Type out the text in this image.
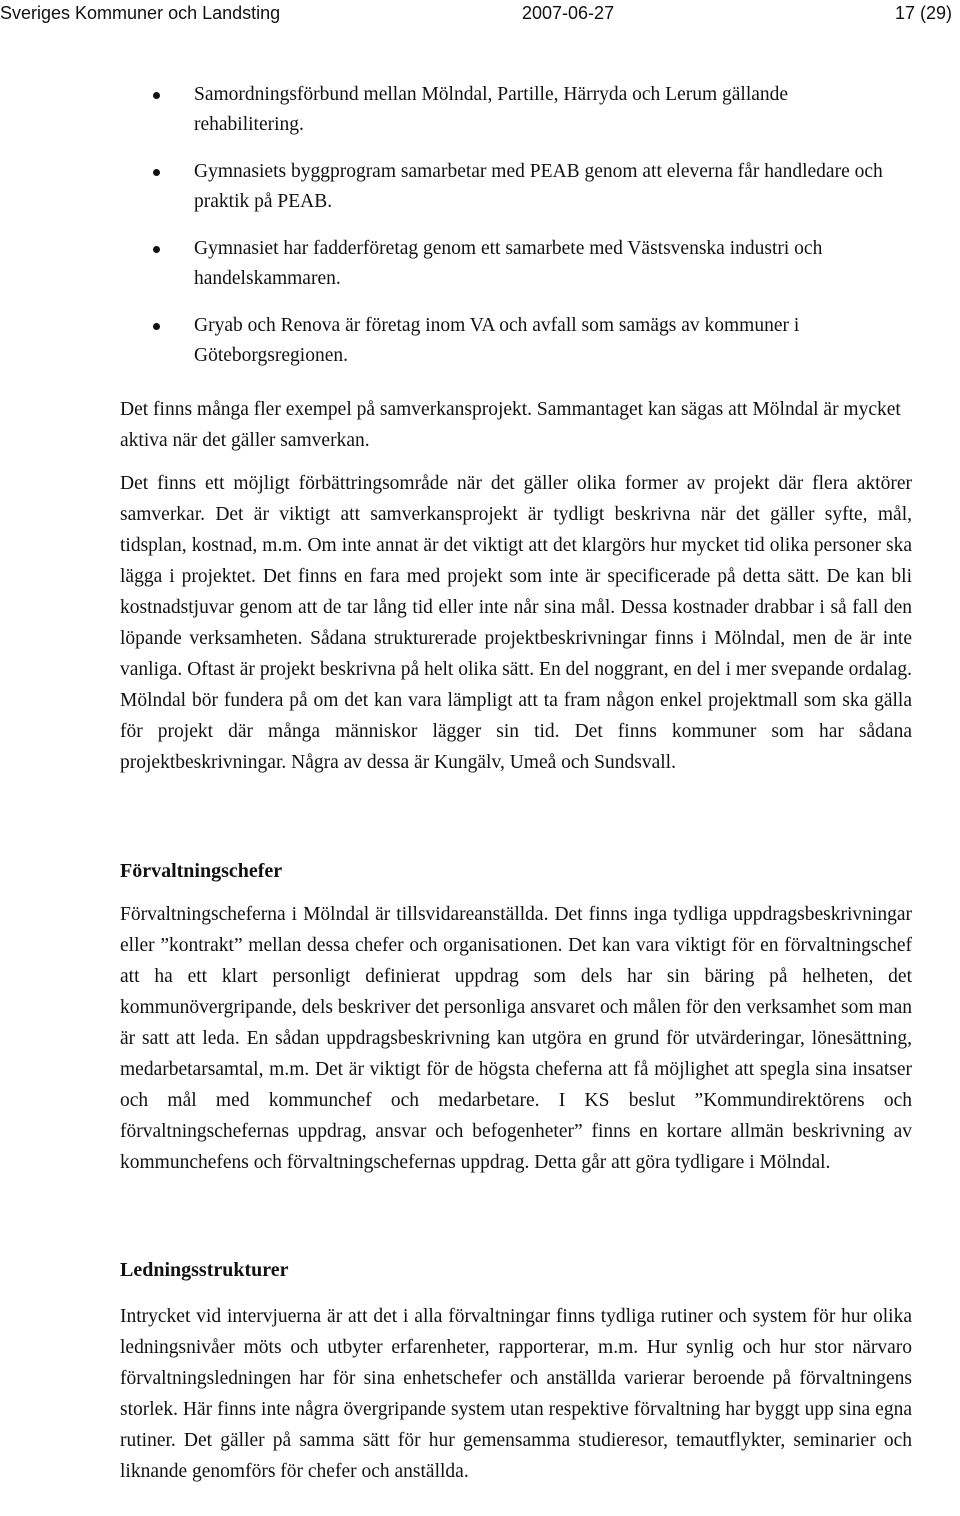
Sveriges Kommuner och Landsting	2007-06-27	17 (29)
Samordningsförbund mellan Mölndal, Partille, Härryda och Lerum gällande rehabilitering.
Gymnasiets byggprogram samarbetar med PEAB genom att eleverna får handledare och praktik på PEAB.
Gymnasiet har fadderföretag genom ett samarbete med Västsvenska industri och handelskammaren.
Gryab och Renova är företag inom VA och avfall som samägs av kommuner i Göteborgsregionen.

Det finns många fler exempel på samverkansprojekt. Sammantaget kan sägas att Mölndal är mycket aktiva när det gäller samverkan.

Det finns ett möjligt förbättringsområde när det gäller olika former av projekt där flera aktörer samverkar. Det är viktigt att samverkansprojekt är tydligt beskrivna när det gäller syfte, mål, tidsplan, kostnad, m.m. Om inte annat är det viktigt att det klargörs hur mycket tid olika personer ska lägga i projektet. Det finns en fara med projekt som inte är specificerade på detta sätt. De kan bli kostnadstjuvar genom att de tar lång tid eller inte når sina mål. Dessa kostnader drabbar i så fall den löpande verksamheten. Sådana strukturerade projektbeskrivningar finns i Mölndal, men de är inte vanliga. Oftast är projekt beskrivna på helt olika sätt. En del noggrant, en del i mer svepande ordalag. Mölndal bör fundera på om det kan vara lämpligt att ta fram någon enkel projektmall som ska gälla för projekt där många människor lägger sin tid. Det finns kommuner som har sådana projektbeskrivningar. Några av dessa är Kungälv, Umeå och Sundsvall.

Förvaltningschefer

Förvaltningscheferna i Mölndal är tillsvidareanställda. Det finns inga tydliga uppdragsbeskrivningar eller ”kontrakt” mellan dessa chefer och organisationen. Det kan vara viktigt för en förvaltningschef att ha ett klart personligt definierat uppdrag som dels har sin bäring på helheten, det kommunövergripande, dels beskriver det personliga ansvaret och målen för den verksamhet som man är satt att leda. En sådan uppdragsbeskrivning kan utgöra en grund för utvärderingar, lönesättning, medarbetarsamtal, m.m. Det är viktigt för de högsta cheferna att få möjlighet att spegla sina insatser och mål med kommunchef och medarbetare. I KS beslut ”Kommundirektörens och förvaltningschefernas uppdrag, ansvar och befogenheter” finns en kortare allmän beskrivning av kommunchefens och förvaltningschefernas uppdrag. Detta går att göra tydligare i Mölndal.

Ledningsstrukturer

Intrycket vid intervjuerna är att det i alla förvaltningar finns tydliga rutiner och system för hur olika ledningsnivåer möts och utbyter erfarenheter, rapporterar, m.m. Hur synlig och hur stor närvaro förvaltningsledningen har för sina enhetschefer och anställda varierar beroende på förvaltningens storlek. Här finns inte några övergripande system utan respektive förvaltning har byggt upp sina egna rutiner. Det gäller på samma sätt för hur gemensamma studieresor, temautflykter, seminarier och liknande genomförs för chefer och anställda.
